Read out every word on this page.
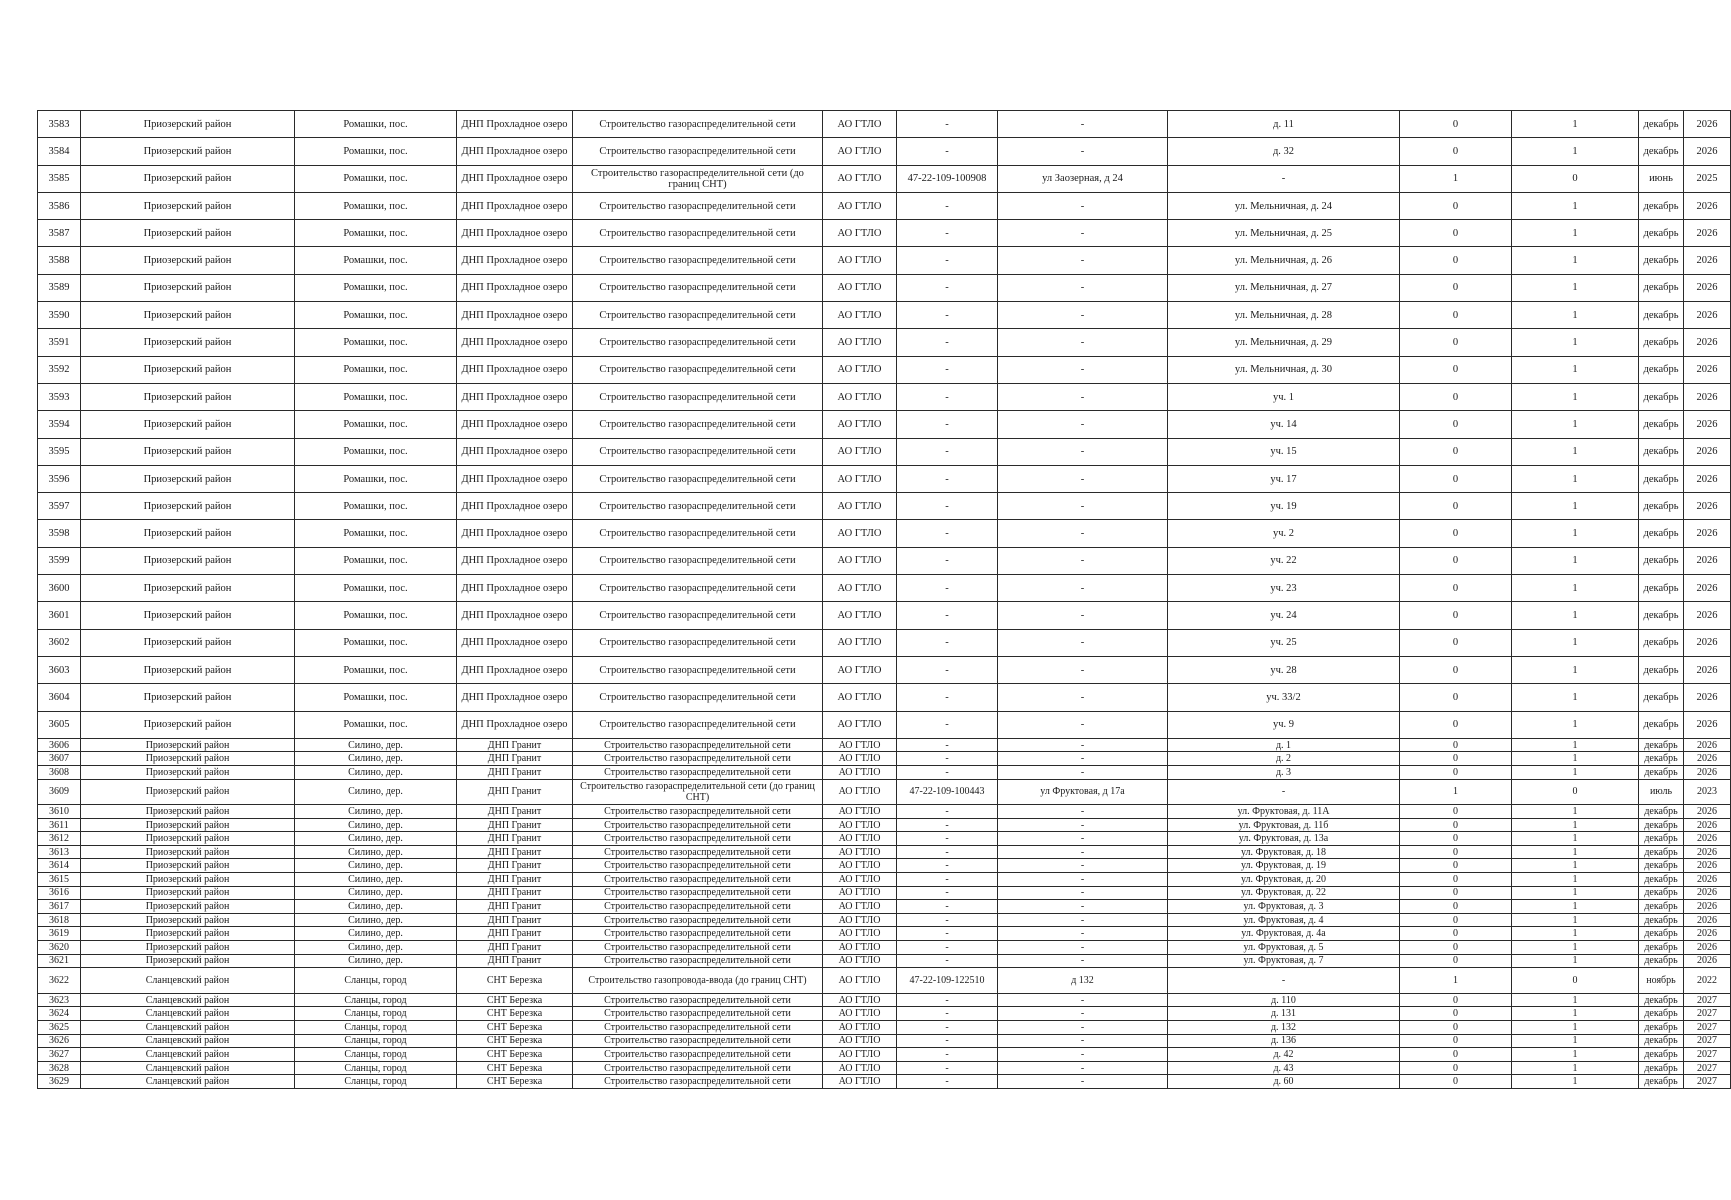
3583	Приозерский район	Ромашки, пос.	ДНП Прохладное озеро	Строительство газораспределительной сети	АО ГТЛО	-	-	д. 11	0	1	декабрь	2026
3584	Приозерский район	Ромашки, пос.	ДНП Прохладное озеро	Строительство газораспределительной сети	АО ГТЛО	-	-	д. 32	0	1	декабрь	2026
3585	Приозерский район	Ромашки, пос.	ДНП Прохладное озеро	Строительство газораспределительной сети (до границ СНТ)	АО ГТЛО	47-22-109-100908	ул Заозерная, д 24	-	1	0	июнь	2025
3586	Приозерский район	Ромашки, пос.	ДНП Прохладное озеро	Строительство газораспределительной сети	АО ГТЛО	-	-	ул. Мельничная, д. 24	0	1	декабрь	2026
3587	Приозерский район	Ромашки, пос.	ДНП Прохладное озеро	Строительство газораспределительной сети	АО ГТЛО	-	-	ул. Мельничная, д. 25	0	1	декабрь	2026
3588	Приозерский район	Ромашки, пос.	ДНП Прохладное озеро	Строительство газораспределительной сети	АО ГТЛО	-	-	ул. Мельничная, д. 26	0	1	декабрь	2026
3589	Приозерский район	Ромашки, пос.	ДНП Прохладное озеро	Строительство газораспределительной сети	АО ГТЛО	-	-	ул. Мельничная, д. 27	0	1	декабрь	2026
3590	Приозерский район	Ромашки, пос.	ДНП Прохладное озеро	Строительство газораспределительной сети	АО ГТЛО	-	-	ул. Мельничная, д. 28	0	1	декабрь	2026
3591	Приозерский район	Ромашки, пос.	ДНП Прохладное озеро	Строительство газораспределительной сети	АО ГТЛО	-	-	ул. Мельничная, д. 29	0	1	декабрь	2026
3592	Приозерский район	Ромашки, пос.	ДНП Прохладное озеро	Строительство газораспределительной сети	АО ГТЛО	-	-	ул. Мельничная, д. 30	0	1	декабрь	2026
3593	Приозерский район	Ромашки, пос.	ДНП Прохладное озеро	Строительство газораспределительной сети	АО ГТЛО	-	-	уч. 1	0	1	декабрь	2026
3594	Приозерский район	Ромашки, пос.	ДНП Прохладное озеро	Строительство газораспределительной сети	АО ГТЛО	-	-	уч. 14	0	1	декабрь	2026
3595	Приозерский район	Ромашки, пос.	ДНП Прохладное озеро	Строительство газораспределительной сети	АО ГТЛО	-	-	уч. 15	0	1	декабрь	2026
3596	Приозерский район	Ромашки, пос.	ДНП Прохладное озеро	Строительство газораспределительной сети	АО ГТЛО	-	-	уч. 17	0	1	декабрь	2026
3597	Приозерский район	Ромашки, пос.	ДНП Прохладное озеро	Строительство газораспределительной сети	АО ГТЛО	-	-	уч. 19	0	1	декабрь	2026
3598	Приозерский район	Ромашки, пос.	ДНП Прохладное озеро	Строительство газораспределительной сети	АО ГТЛО	-	-	уч. 2	0	1	декабрь	2026
3599	Приозерский район	Ромашки, пос.	ДНП Прохладное озеро	Строительство газораспределительной сети	АО ГТЛО	-	-	уч. 22	0	1	декабрь	2026
3600	Приозерский район	Ромашки, пос.	ДНП Прохладное озеро	Строительство газораспределительной сети	АО ГТЛО	-	-	уч. 23	0	1	декабрь	2026
3601	Приозерский район	Ромашки, пос.	ДНП Прохладное озеро	Строительство газораспределительной сети	АО ГТЛО	-	-	уч. 24	0	1	декабрь	2026
3602	Приозерский район	Ромашки, пос.	ДНП Прохладное озеро	Строительство газораспределительной сети	АО ГТЛО	-	-	уч. 25	0	1	декабрь	2026
3603	Приозерский район	Ромашки, пос.	ДНП Прохладное озеро	Строительство газораспределительной сети	АО ГТЛО	-	-	уч. 28	0	1	декабрь	2026
3604	Приозерский район	Ромашки, пос.	ДНП Прохладное озеро	Строительство газораспределительной сети	АО ГТЛО	-	-	уч. 33/2	0	1	декабрь	2026
3605	Приозерский район	Ромашки, пос.	ДНП Прохладное озеро	Строительство газораспределительной сети	АО ГТЛО	-	-	уч. 9	0	1	декабрь	2026
3606	Приозерский район	Силино, дер.	ДНП Гранит	Строительство газораспределительной сети	АО ГТЛО	-	-	д. 1	0	1	декабрь	2026
3607	Приозерский район	Силино, дер.	ДНП Гранит	Строительство газораспределительной сети	АО ГТЛО	-	-	д. 2	0	1	декабрь	2026
3608	Приозерский район	Силино, дер.	ДНП Гранит	Строительство газораспределительной сети	АО ГТЛО	-	-	д. 3	0	1	декабрь	2026
3609	Приозерский район	Силино, дер.	ДНП Гранит	Строительство газораспределительной сети (до границ СНТ)	АО ГТЛО	47-22-109-100443	ул Фруктовая, д 17а	-	1	0	июль	2023
3610	Приозерский район	Силино, дер.	ДНП Гранит	Строительство газораспределительной сети	АО ГТЛО	-	-	ул. Фруктовая, д. 11А	0	1	декабрь	2026
3611	Приозерский район	Силино, дер.	ДНП Гранит	Строительство газораспределительной сети	АО ГТЛО	-	-	ул. Фруктовая, д. 11б	0	1	декабрь	2026
3612	Приозерский район	Силино, дер.	ДНП Гранит	Строительство газораспределительной сети	АО ГТЛО	-	-	ул. Фруктовая, д. 13а	0	1	декабрь	2026
3613	Приозерский район	Силино, дер.	ДНП Гранит	Строительство газораспределительной сети	АО ГТЛО	-	-	ул. Фруктовая, д. 18	0	1	декабрь	2026
3614	Приозерский район	Силино, дер.	ДНП Гранит	Строительство газораспределительной сети	АО ГТЛО	-	-	ул. Фруктовая, д. 19	0	1	декабрь	2026
3615	Приозерский район	Силино, дер.	ДНП Гранит	Строительство газораспределительной сети	АО ГТЛО	-	-	ул. Фруктовая, д. 20	0	1	декабрь	2026
3616	Приозерский район	Силино, дер.	ДНП Гранит	Строительство газораспределительной сети	АО ГТЛО	-	-	ул. Фруктовая, д. 22	0	1	декабрь	2026
3617	Приозерский район	Силино, дер.	ДНП Гранит	Строительство газораспределительной сети	АО ГТЛО	-	-	ул. Фруктовая, д. 3	0	1	декабрь	2026
3618	Приозерский район	Силино, дер.	ДНП Гранит	Строительство газораспределительной сети	АО ГТЛО	-	-	ул. Фруктовая, д. 4	0	1	декабрь	2026
3619	Приозерский район	Силино, дер.	ДНП Гранит	Строительство газораспределительной сети	АО ГТЛО	-	-	ул. Фруктовая, д. 4а	0	1	декабрь	2026
3620	Приозерский район	Силино, дер.	ДНП Гранит	Строительство газораспределительной сети	АО ГТЛО	-	-	ул. Фруктовая, д. 5	0	1	декабрь	2026
3621	Приозерский район	Силино, дер.	ДНП Гранит	Строительство газораспределительной сети	АО ГТЛО	-	-	ул. Фруктовая, д. 7	0	1	декабрь	2026
3622	Сланцевский район	Сланцы, город	СНТ Березка	Строительство газопровода-ввода (до границ СНТ)	АО ГТЛО	47-22-109-122510	д 132	-	1	0	ноябрь	2022
3623	Сланцевский район	Сланцы, город	СНТ Березка	Строительство газораспределительной сети	АО ГТЛО	-	-	д. 110	0	1	декабрь	2027
3624	Сланцевский район	Сланцы, город	СНТ Березка	Строительство газораспределительной сети	АО ГТЛО	-	-	д. 131	0	1	декабрь	2027
3625	Сланцевский район	Сланцы, город	СНТ Березка	Строительство газораспределительной сети	АО ГТЛО	-	-	д. 132	0	1	декабрь	2027
3626	Сланцевский район	Сланцы, город	СНТ Березка	Строительство газораспределительной сети	АО ГТЛО	-	-	д. 136	0	1	декабрь	2027
3627	Сланцевский район	Сланцы, город	СНТ Березка	Строительство газораспределительной сети	АО ГТЛО	-	-	д. 42	0	1	декабрь	2027
3628	Сланцевский район	Сланцы, город	СНТ Березка	Строительство газораспределительной сети	АО ГТЛО	-	-	д. 43	0	1	декабрь	2027
3629	Сланцевский район	Сланцы, город	СНТ Березка	Строительство газораспределительной сети	АО ГТЛО	-	-	д. 60	0	1	декабрь	2027
